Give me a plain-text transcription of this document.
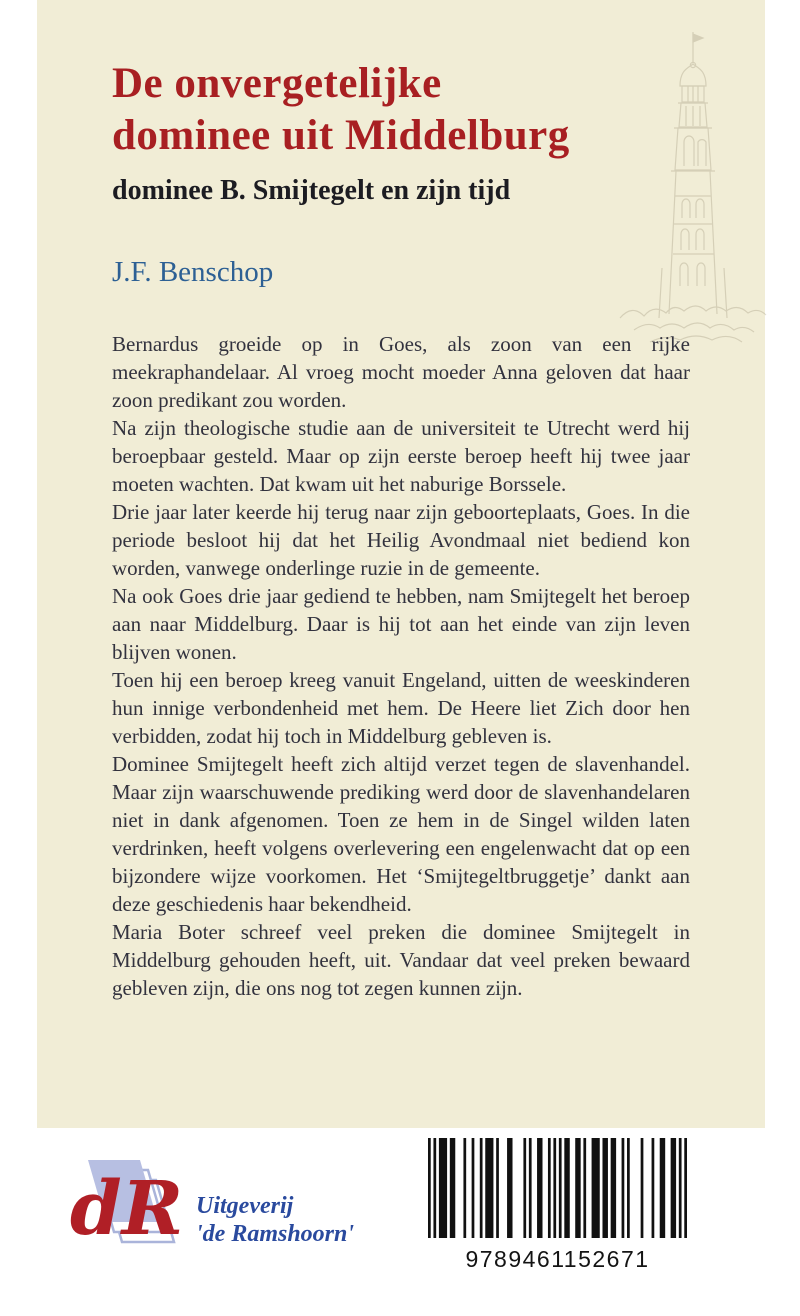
De onvergetelijke
dominee uit Middelburg
dominee B. Smijtegelt en zijn tijd
J.F. Benschop

Bernardus groeide op in Goes, als zoon van een rijke meekraphandelaar. Al vroeg mocht moeder Anna geloven dat haar zoon predikant zou worden.

Na zijn theologische studie aan de universiteit te Utrecht werd hij beroepbaar gesteld. Maar op zijn eerste beroep heeft hij twee jaar moeten wachten. Dat kwam uit het naburige Borssele.

Drie jaar later keerde hij terug naar zijn geboorteplaats, Goes. In die periode besloot hij dat het Heilig Avondmaal niet bediend kon worden, vanwege onderlinge ruzie in de gemeente.

Na ook Goes drie jaar gediend te hebben, nam Smijtegelt het beroep aan naar Middelburg. Daar is hij tot aan het einde van zijn leven blijven wonen.

Toen hij een beroep kreeg vanuit Engeland, uitten de weeskinderen hun innige verbondenheid met hem. De Heere liet Zich door hen verbidden, zodat hij toch in Middelburg gebleven is.

Dominee Smijtegelt heeft zich altijd verzet tegen de slavenhandel. Maar zijn waarschuwende prediking werd door de slavenhandelaren niet in dank afgenomen. Toen ze hem in de Singel wilden laten verdrinken, heeft volgens overlevering een engelenwacht dat op een bijzondere wijze voorkomen. Het ‘Smijtegeltbruggetje’ dankt aan deze geschiedenis haar bekendheid.

Maria Boter schreef veel preken die dominee Smijtegelt in Middelburg gehouden heeft, uit. Vandaar dat veel preken bewaard gebleven zijn, die ons nog tot zegen kunnen zijn.

dR Uitgeverij
'de Ramshoorn'
9789461152671
